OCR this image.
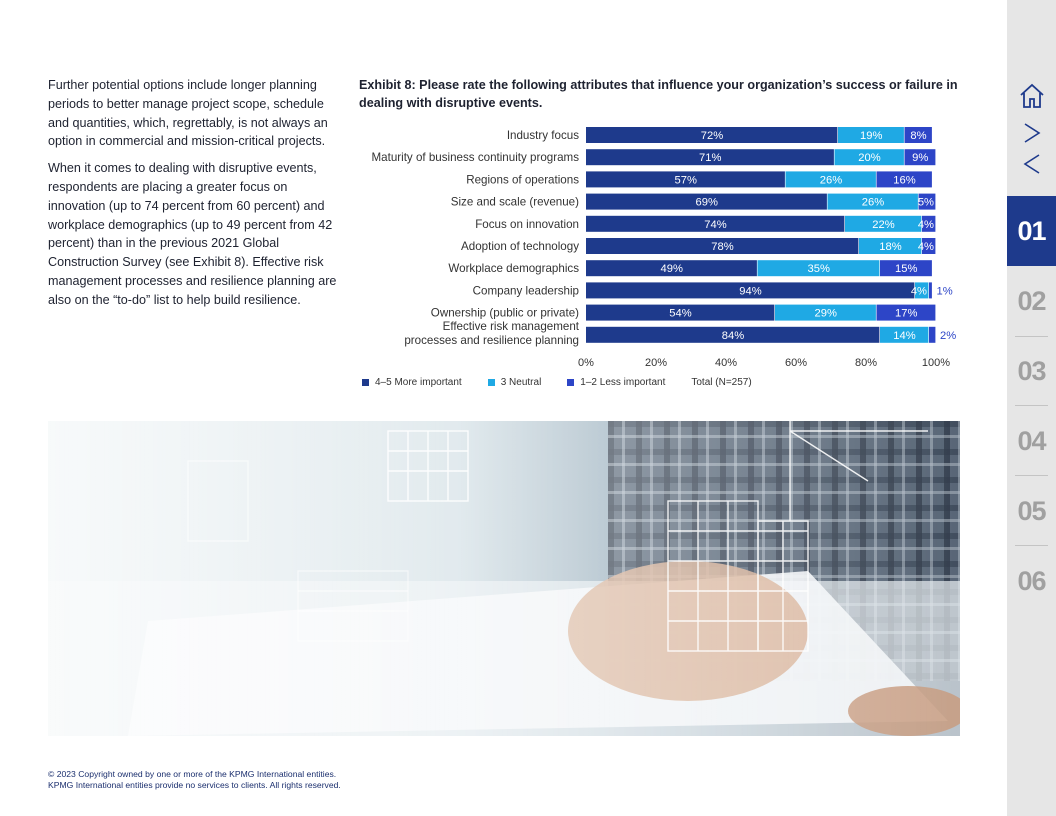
Further potential options include longer planning periods to better manage project scope, schedule and quantities, which, regrettably, is not always an option in commercial and mission-critical projects.

When it comes to dealing with disruptive events, respondents are placing a greater focus on innovation (up to 74 percent from 60 percent) and workplace demographics (up to 49 percent from 42 percent) than in the previous 2021 Global Construction Survey (see Exhibit 8). Effective risk management processes and resilience planning are also on the “to-do” list to help build resilience.

Exhibit 8: Please rate the following attributes that influence your organization’s success or failure in dealing with disruptive events.
Industry focus	72%	19% 8%
Maturity of business continuity programs	71%	20%	9%
Regions of operations	57%	26%	16%
Size and scale (revenue)	69%	26%	5%
Focus on innovation	74%	22% 4%
Adoption of technology	78%	18% 4%
Workplace demographics	49%	35%	15%
Company leadership	94%	4% 1%
Ownership (public or private)	54%	29%	17%
Effective risk management
processes and resilience planning	84%	14% 2%
0%	20%	40%	60%	80%	100%
4–5 More important	3 Neutral	1–2 Less important	Total (N=257)
© 2023 Copyright owned by one or more of the KPMG International entities.
KPMG International entities provide no services to clients. All rights reserved.
01
02
03
04
05
06
